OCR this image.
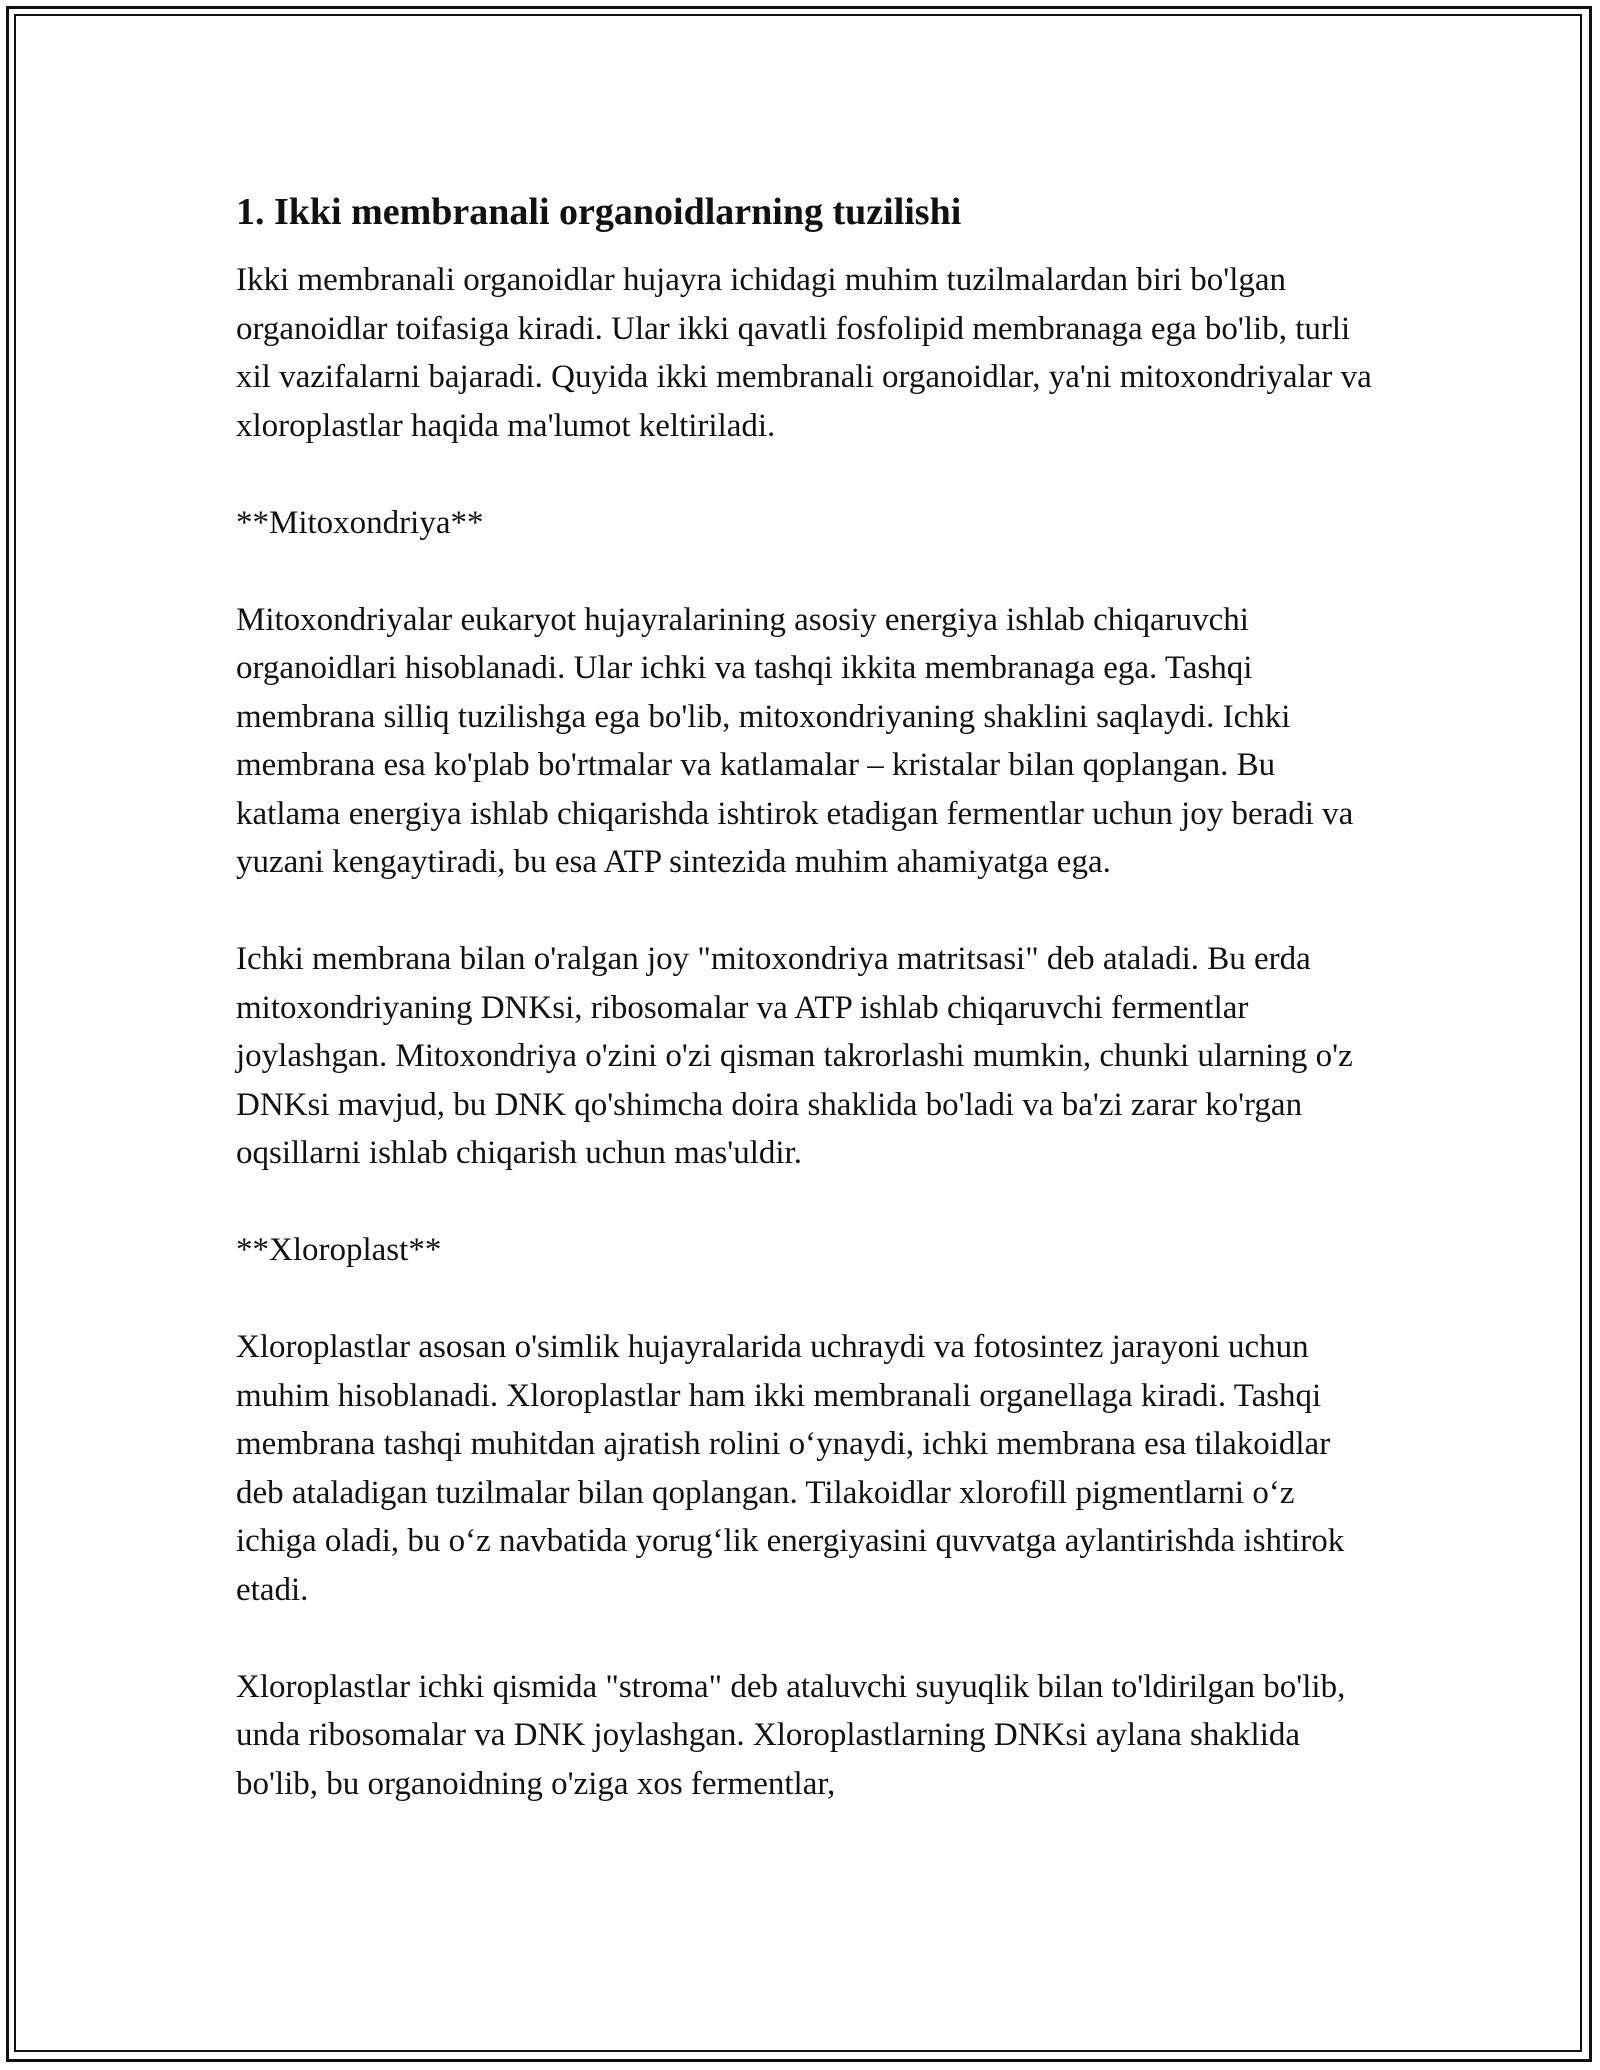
1. Ikki membranali organoidlarning tuzilishi

Ikki membranali organoidlar hujayra ichidagi muhim tuzilmalardan biri bo'lgan organoidlar toifasiga kiradi. Ular ikki qavatli fosfolipid membranaga ega bo'lib, turli xil vazifalarni bajaradi. Quyida ikki membranali organoidlar, ya'ni mitoxondriyalar va xloroplastlar haqida ma'lumot keltiriladi.

**Mitoxondriya**

Mitoxondriyalar eukaryot hujayralarining asosiy energiya ishlab chiqaruvchi organoidlari hisoblanadi. Ular ichki va tashqi ikkita membranaga ega. Tashqi membrana silliq tuzilishga ega bo'lib, mitoxondriyaning shaklini saqlaydi. Ichki membrana esa ko'plab bo'rtmalar va katlamalar – kristalar bilan qoplangan. Bu katlama energiya ishlab chiqarishda ishtirok etadigan fermentlar uchun joy beradi va yuzani kengaytiradi, bu esa ATP sintezida muhim ahamiyatga ega.

Ichki membrana bilan o'ralgan joy "mitoxondriya matritsasi" deb ataladi. Bu erda mitoxondriyaning DNKsi, ribosomalar va ATP ishlab chiqaruvchi fermentlar joylashgan. Mitoxondriya o'zini o'zi qisman takrorlashi mumkin, chunki ularning o'z DNKsi mavjud, bu DNK qo'shimcha doira shaklida bo'ladi va ba'zi zarar ko'rgan oqsillarni ishlab chiqarish uchun mas'uldir.

**Xloroplast**

Xloroplastlar asosan o'simlik hujayralarida uchraydi va fotosintez jarayoni uchun muhim hisoblanadi. Xloroplastlar ham ikki membranali organellaga kiradi. Tashqi membrana tashqi muhitdan ajratish rolini o‘ynaydi, ichki membrana esa tilakoidlar deb ataladigan tuzilmalar bilan qoplangan. Tilakoidlar xlorofill pigmentlarni o‘z ichiga oladi, bu o‘z navbatida yorug‘lik energiyasini quvvatga aylantirishda ishtirok etadi.

Xloroplastlar ichki qismida "stroma" deb ataluvchi suyuqlik bilan to'ldirilgan bo'lib, unda ribosomalar va DNK joylashgan. Xloroplastlarning DNKsi aylana shaklida bo'lib, bu organoidning o'ziga xos fermentlar,
